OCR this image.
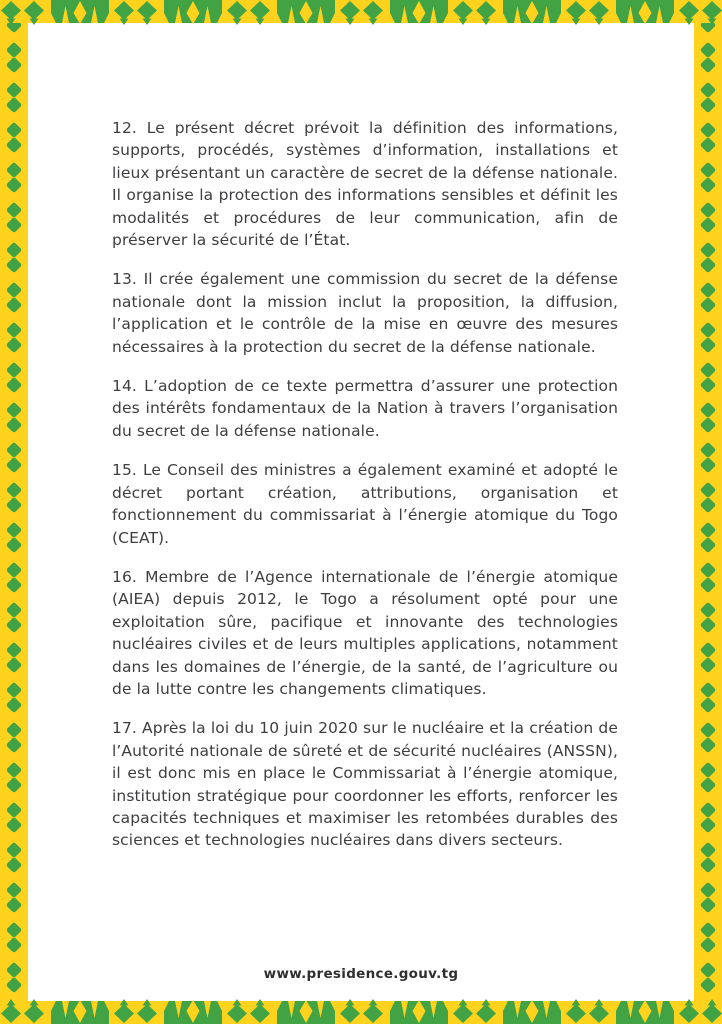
12. Le présent décret prévoit la définition des informations, supports, procédés, systèmes d’information, installations et lieux présentant un caractère de secret de la défense nationale. Il organise la protection des informations sensibles et définit les modalités et procédures de leur communication, afin de préserver la sécurité de l’État.

13. Il crée également une commission du secret de la défense nationale dont la mission inclut la proposition, la diffusion, l’application et le contrôle de la mise en œuvre des mesures nécessaires à la protection du secret de la défense nationale.

14. L’adoption de ce texte permettra d’assurer une protection des intérêts fondamentaux de la Nation à travers l’organisation du secret de la défense nationale.

15. Le Conseil des ministres a également examiné et adopté le décret portant création, attributions, organisation et fonctionnement du commissariat à l’énergie atomique du Togo (CEAT).

16. Membre de l’Agence internationale de l’énergie atomique (AIEA) depuis 2012, le Togo a résolument opté pour une exploitation sûre, pacifique et innovante des technologies nucléaires civiles et de leurs multiples applications, notamment dans les domaines de l’énergie, de la santé, de l’agriculture ou de la lutte contre les changements climatiques.

17. Après la loi du 10 juin 2020 sur le nucléaire et la création de l’Autorité nationale de sûreté et de sécurité nucléaires (ANSSN), il est donc mis en place le Commissariat à l’énergie atomique, institution stratégique pour coordonner les efforts, renforcer les capacités techniques et maximiser les retombées durables des sciences et technologies nucléaires dans divers secteurs.

www.presidence.gouv.tg
